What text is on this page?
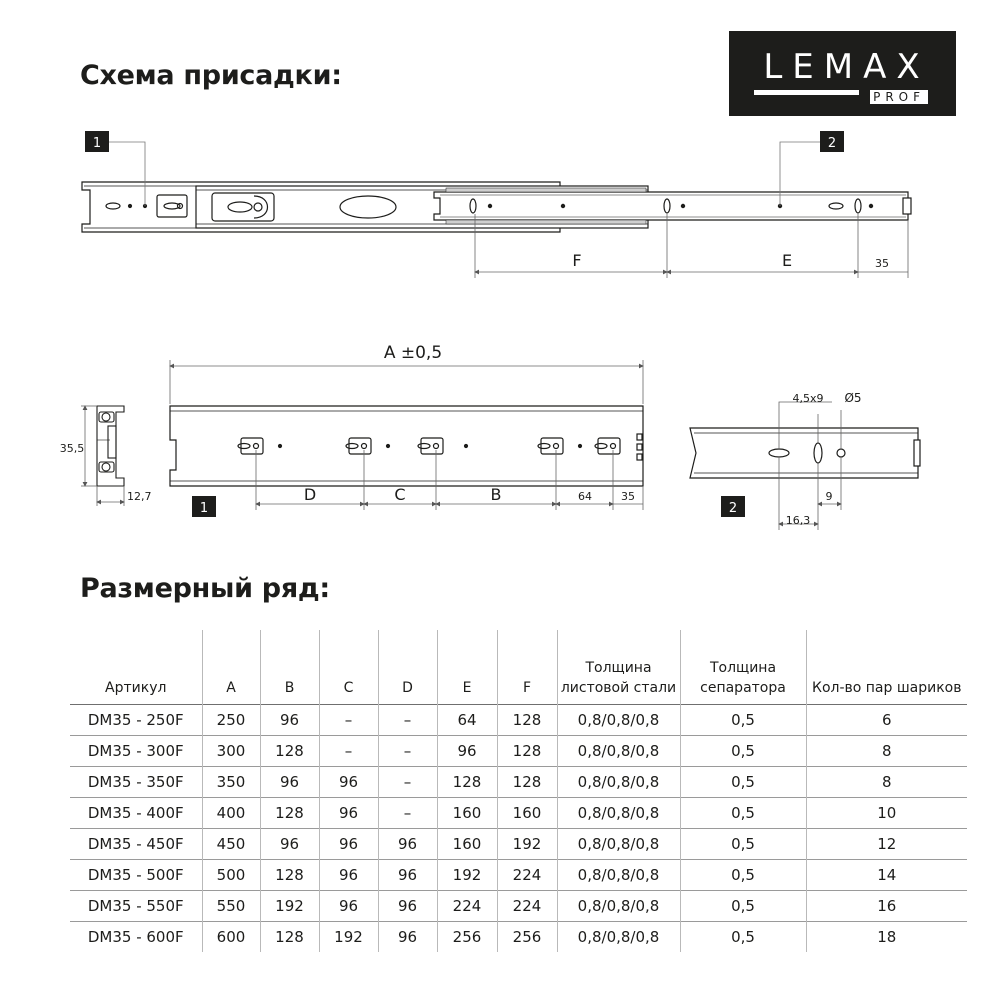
Схема присадки:	LEMAX
PROF
1	2
F	E	35
35,5
12,7
A ±0,5
D	C	B	64	35
1
4,5x9 Ø5
16,3
9
2
Размерный ряд:
Артикул	A	B	C	D	E	F	Толщина листовой стали	Толщина сепаратора	Кол-во пар шариков
DM35 - 250F	250	96	–	–	64	128	0,8/0,8/0,8	0,5	6
DM35 - 300F	300	128	–	–	96	128	0,8/0,8/0,8	0,5	8
DM35 - 350F	350	96	96	–	128	128	0,8/0,8/0,8	0,5	8
DM35 - 400F	400	128	96	–	160	160	0,8/0,8/0,8	0,5	10
DM35 - 450F	450	96	96	96	160	192	0,8/0,8/0,8	0,5	12
DM35 - 500F	500	128	96	96	192	224	0,8/0,8/0,8	0,5	14
DM35 - 550F	550	192	96	96	224	224	0,8/0,8/0,8	0,5	16
DM35 - 600F	600	128	192	96	256	256	0,8/0,8/0,8	0,5	18
